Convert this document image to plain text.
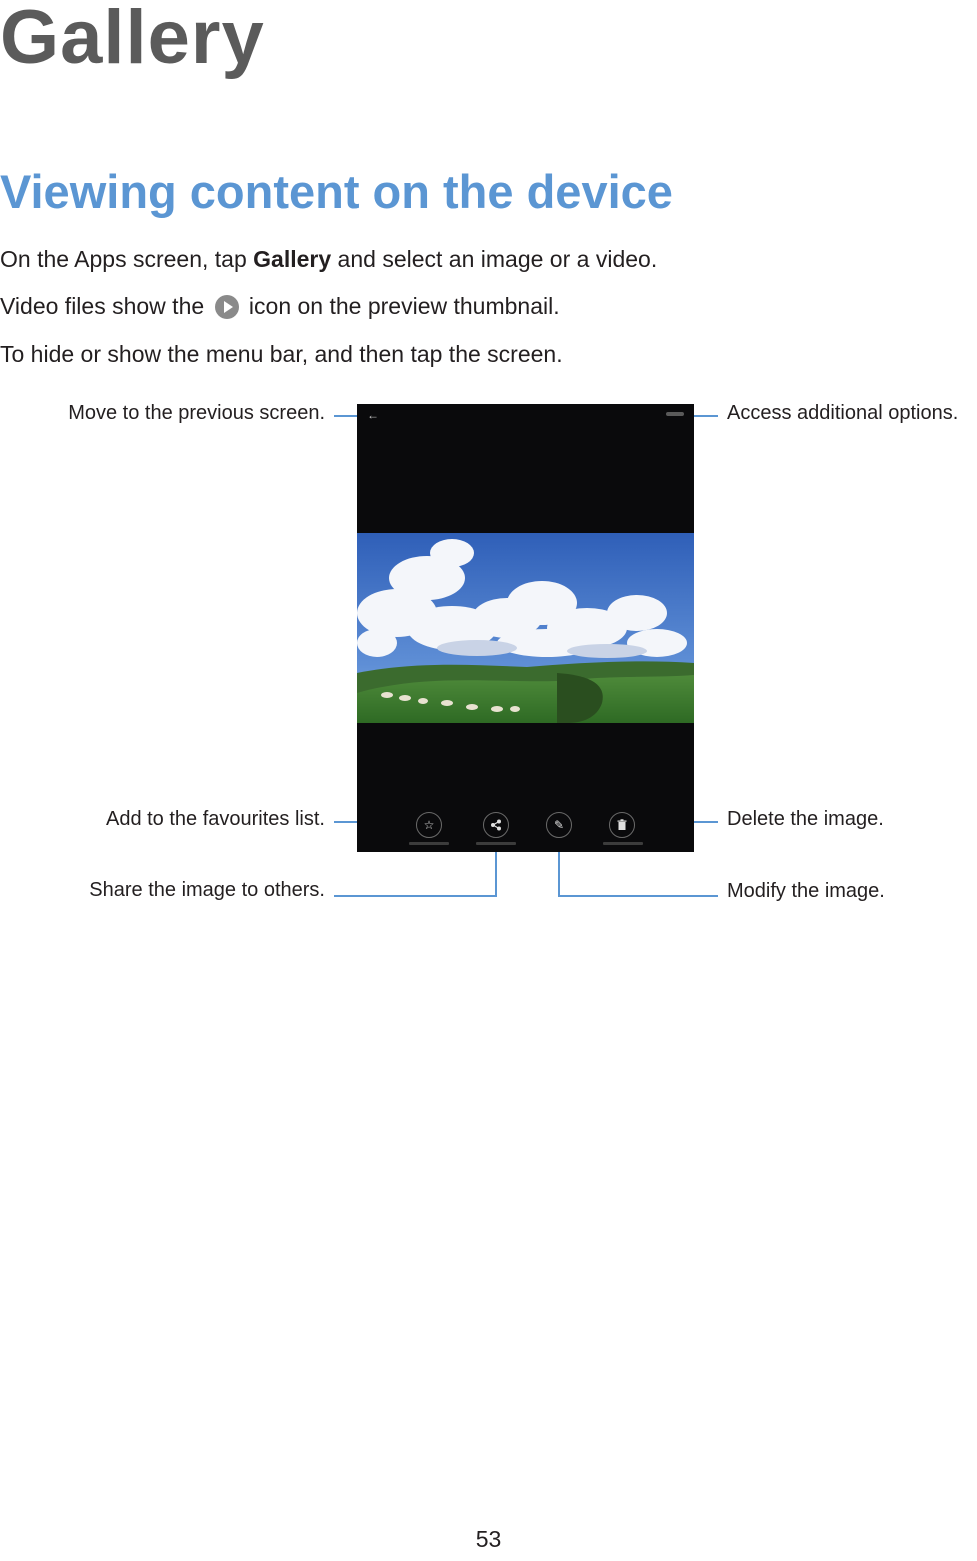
Gallery
Viewing content on the device
On the Apps screen, tap Gallery and select an image or a video.
Video files show the  icon on the preview thumbnail.
To hide or show the menu bar, and then tap the screen.
Move to the previous screen.	Access additional options.
Add to the favourites list.	Delete the image.
Share the image to others.	Modify the image.
←
☆	✎
53
